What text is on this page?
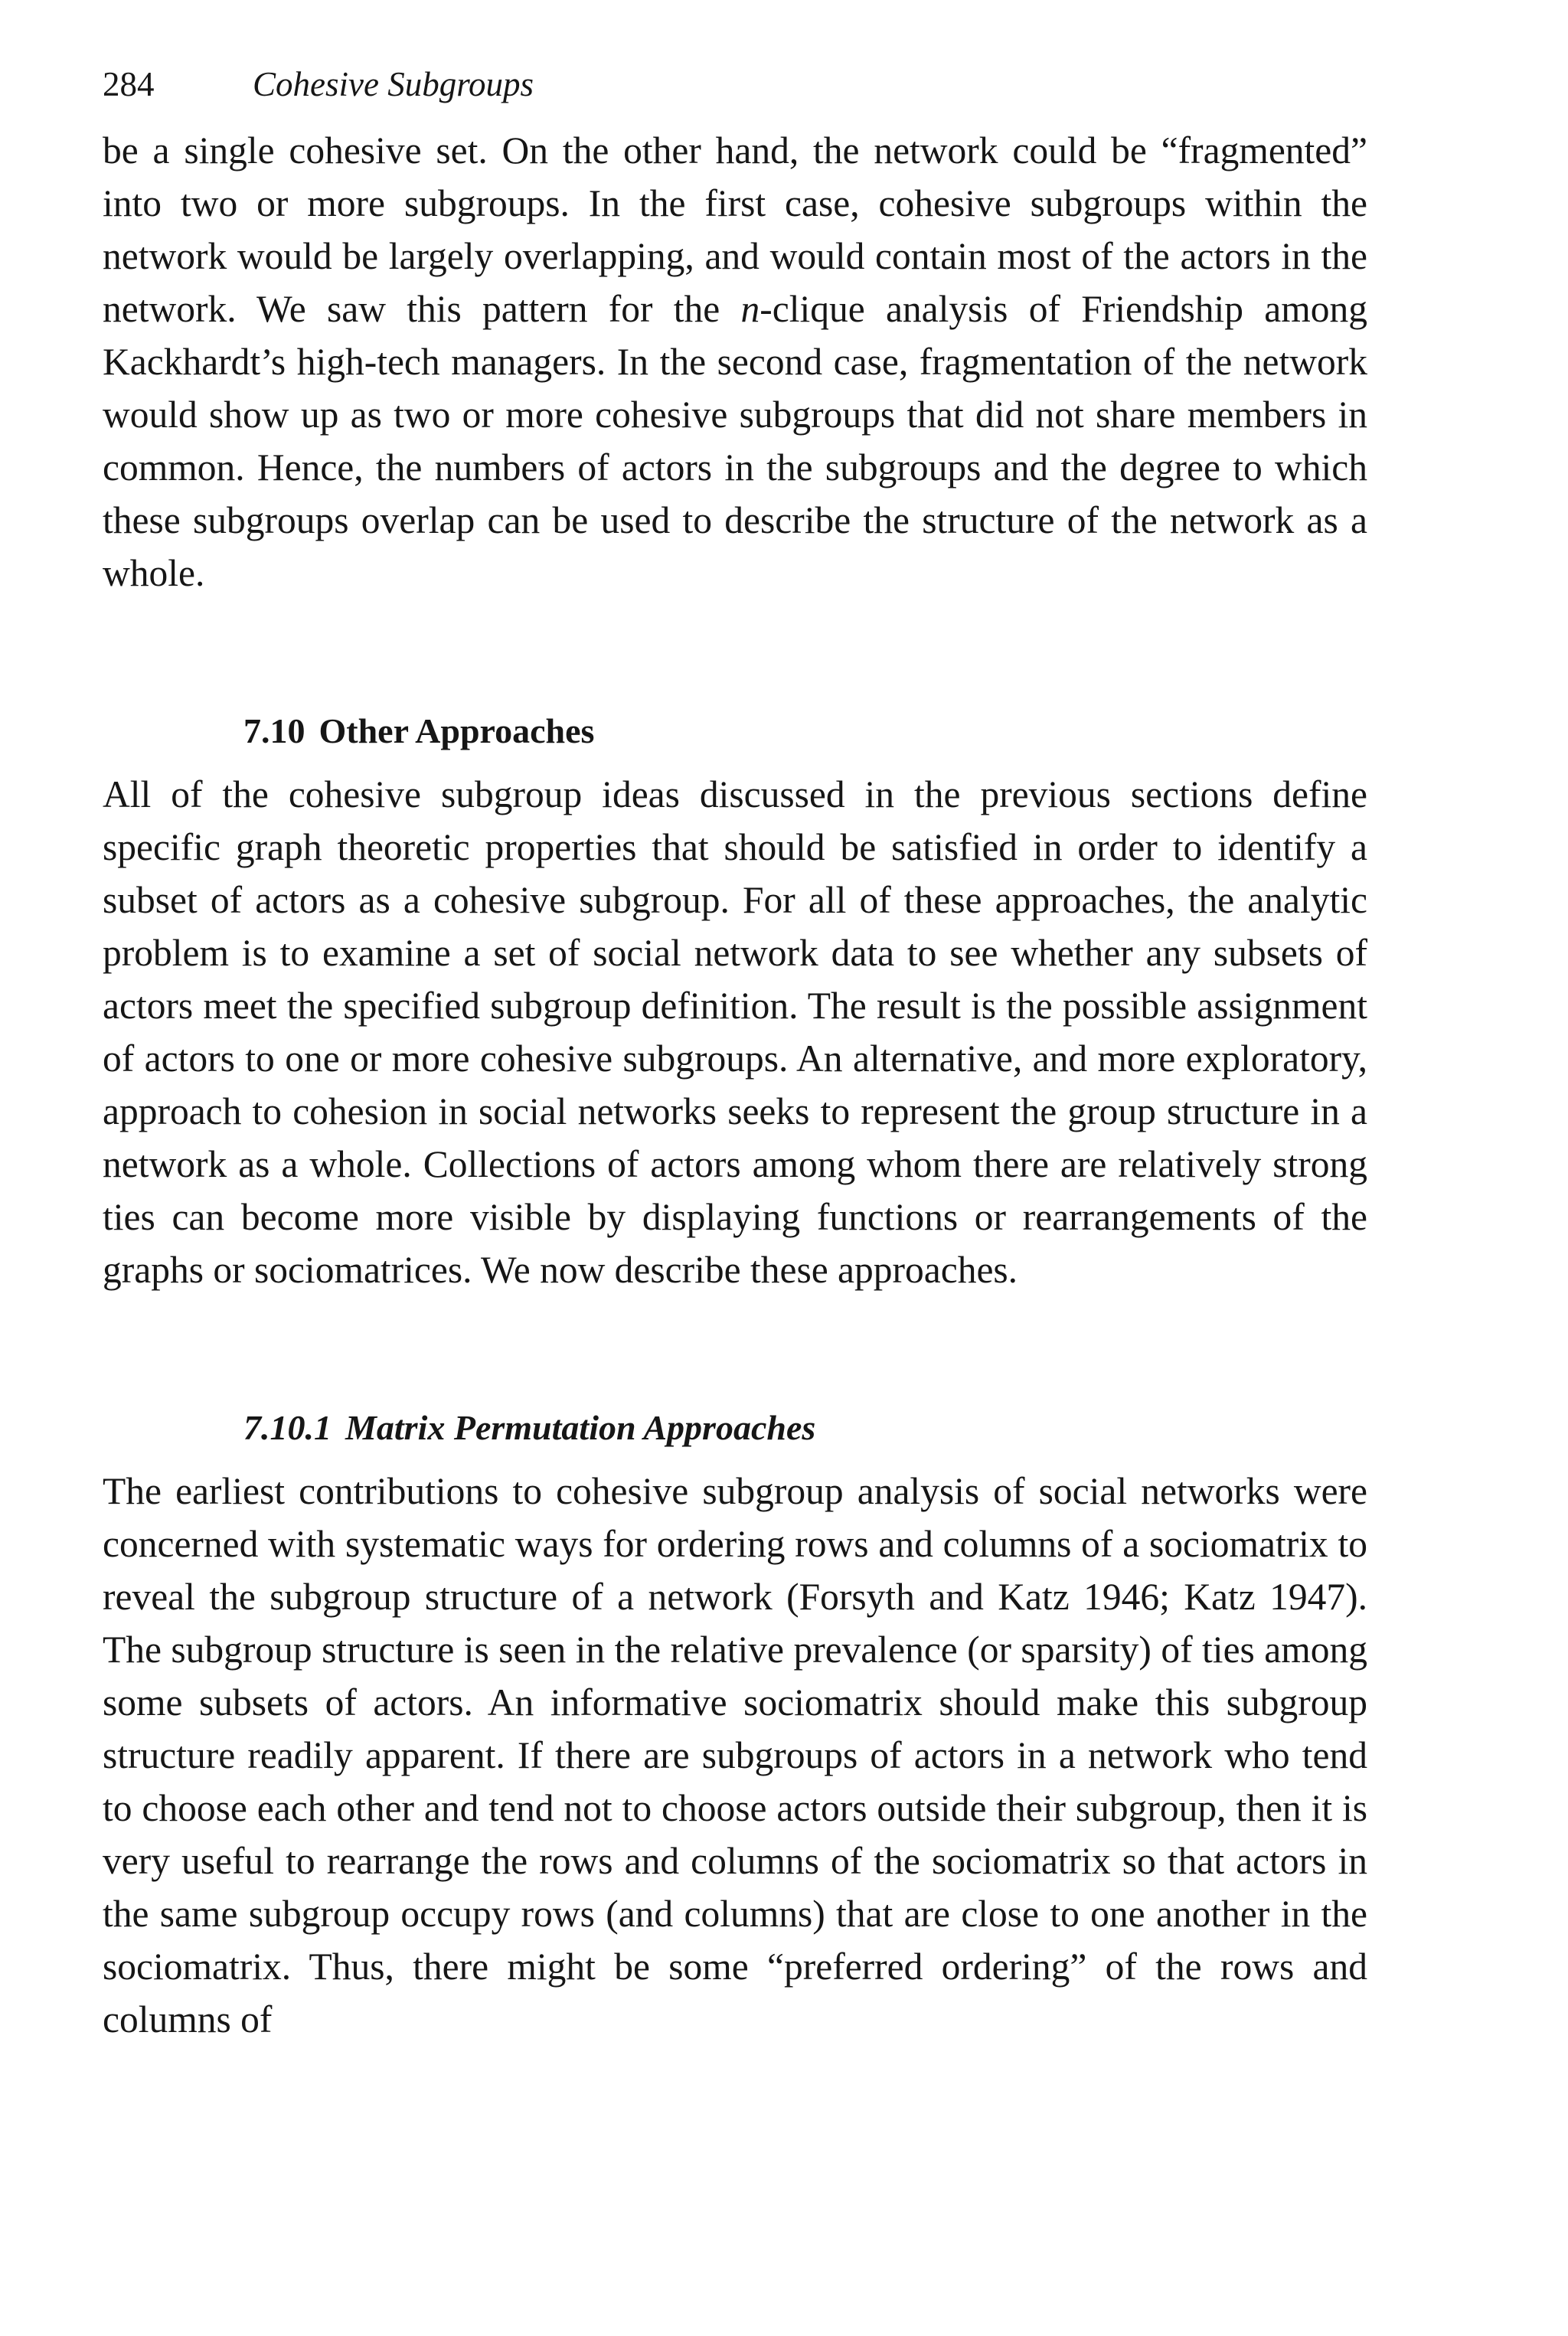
284	Cohesive Subgroups

be a single cohesive set. On the other hand, the network could be “fragmented” into two or more subgroups. In the first case, cohesive subgroups within the network would be largely overlapping, and would contain most of the actors in the network. We saw this pattern for the n-clique analysis of Friendship among Kackhardt’s high-tech managers. In the second case, fragmentation of the network would show up as two or more cohesive subgroups that did not share members in common. Hence, the numbers of actors in the subgroups and the degree to which these subgroups overlap can be used to describe the structure of the network as a whole.

7.10 Other Approaches

All of the cohesive subgroup ideas discussed in the previous sections define specific graph theoretic properties that should be satisfied in order to identify a subset of actors as a cohesive subgroup. For all of these approaches, the analytic problem is to examine a set of social network data to see whether any subsets of actors meet the specified subgroup definition. The result is the possible assignment of actors to one or more cohesive subgroups. An alternative, and more exploratory, approach to cohesion in social networks seeks to represent the group structure in a network as a whole. Collections of actors among whom there are relatively strong ties can become more visible by displaying functions or rearrangements of the graphs or sociomatrices. We now describe these approaches.

7.10.1 Matrix Permutation Approaches

The earliest contributions to cohesive subgroup analysis of social networks were concerned with systematic ways for ordering rows and columns of a sociomatrix to reveal the subgroup structure of a network (Forsyth and Katz 1946; Katz 1947). The subgroup structure is seen in the relative prevalence (or sparsity) of ties among some subsets of actors. An informative sociomatrix should make this subgroup structure readily apparent. If there are subgroups of actors in a network who tend to choose each other and tend not to choose actors outside their subgroup, then it is very useful to rearrange the rows and columns of the sociomatrix so that actors in the same subgroup occupy rows (and columns) that are close to one another in the sociomatrix. Thus, there might be some “preferred ordering” of the rows and columns of
